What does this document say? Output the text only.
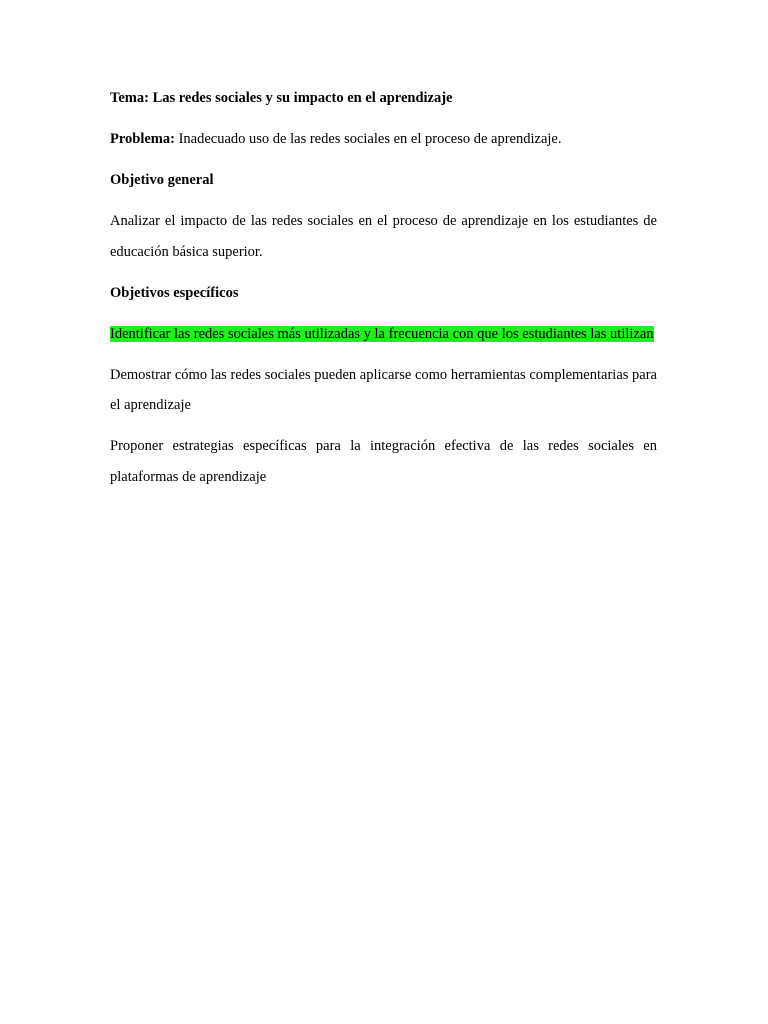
Tema: Las redes sociales y su impacto en el aprendizaje

Problema: Inadecuado uso de las redes sociales en el proceso de aprendizaje.

Objetivo general

Analizar el impacto de las redes sociales en el proceso de aprendizaje en los estudiantes de educación básica superior.

Objetivos específicos

Identificar las redes sociales más utilizadas y la frecuencia con que los estudiantes las utilizan

Demostrar cómo las redes sociales pueden aplicarse como herramientas complementarias para el aprendizaje

Proponer estrategias específicas para la integración efectiva de las redes sociales en plataformas de aprendizaje
